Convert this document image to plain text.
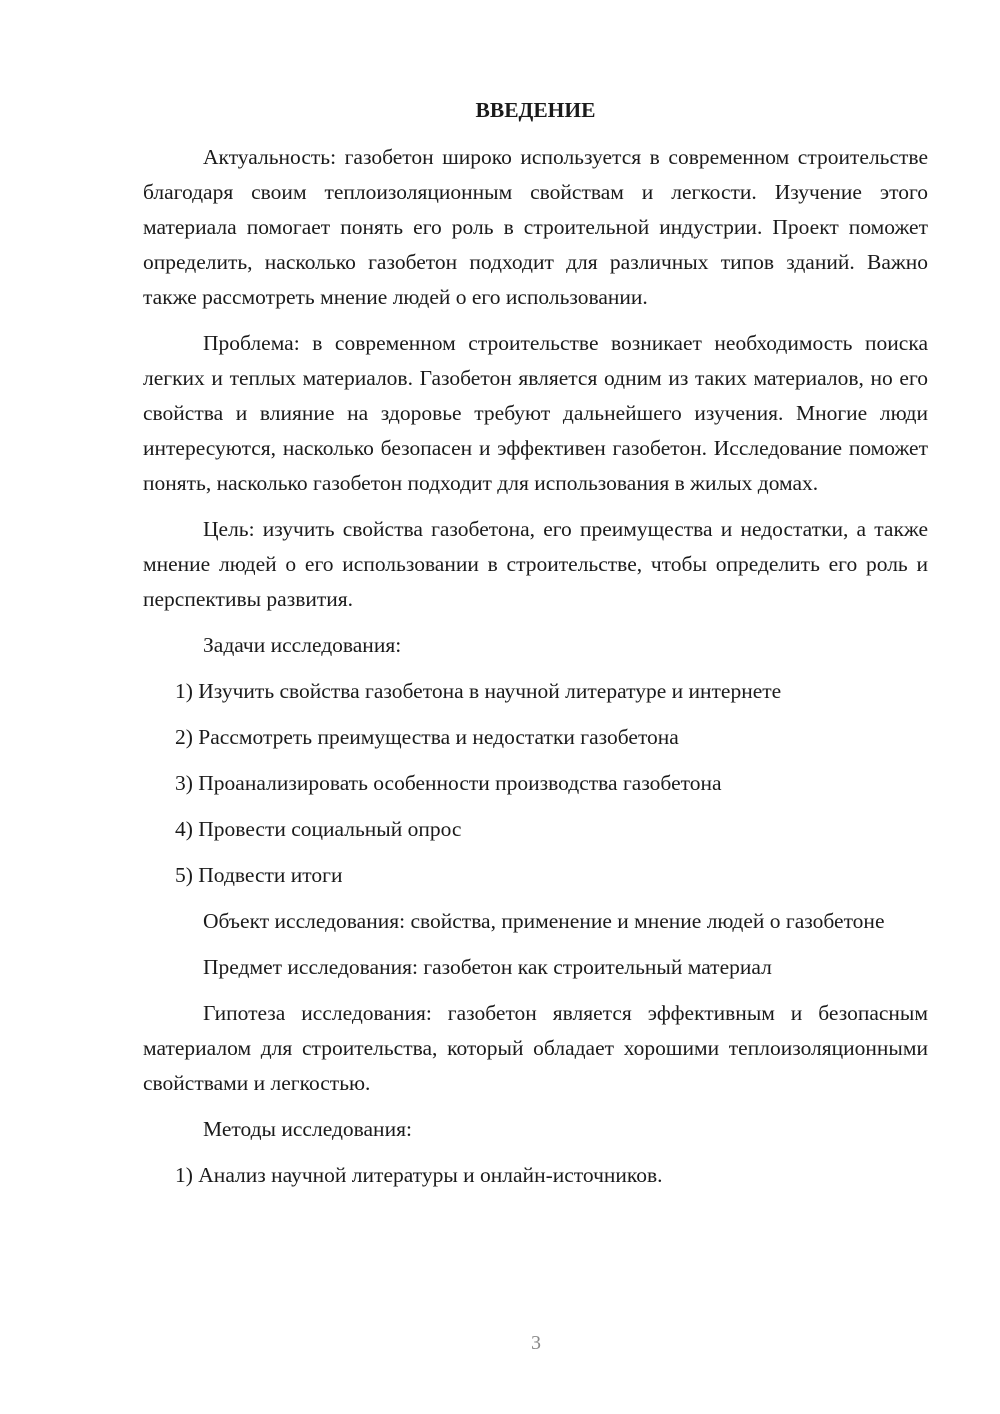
ВВЕДЕНИЕ

Актуальность: газобетон широко используется в современном строительстве благодаря своим теплоизоляционным свойствам и легкости. Изучение этого материала помогает понять его роль в строительной индустрии. Проект поможет определить, насколько газобетон подходит для различных типов зданий. Важно также рассмотреть мнение людей о его использовании.

Проблема: в современном строительстве возникает необходимость поиска легких и теплых материалов. Газобетон является одним из таких материалов, но его свойства и влияние на здоровье требуют дальнейшего изучения. Многие люди интересуются, насколько безопасен и эффективен газобетон. Исследование поможет понять, насколько газобетон подходит для использования в жилых домах.

Цель: изучить свойства газобетона, его преимущества и недостатки, а также мнение людей о его использовании в строительстве, чтобы определить его роль и перспективы развития.

Задачи исследования:

1) Изучить свойства газобетона в научной литературе и интернете
2) Рассмотреть преимущества и недостатки газобетона
3) Проанализировать особенности производства газобетона
4) Провести социальный опрос
5) Подвести итоги

Объект исследования: свойства, применение и мнение людей о газобетоне

Предмет исследования: газобетон как строительный материал

Гипотеза исследования: газобетон является эффективным и безопасным материалом для строительства, который обладает хорошими теплоизоляционными свойствами и легкостью.

Методы исследования:

1) Анализ научной литературы и онлайн-источников.
3
